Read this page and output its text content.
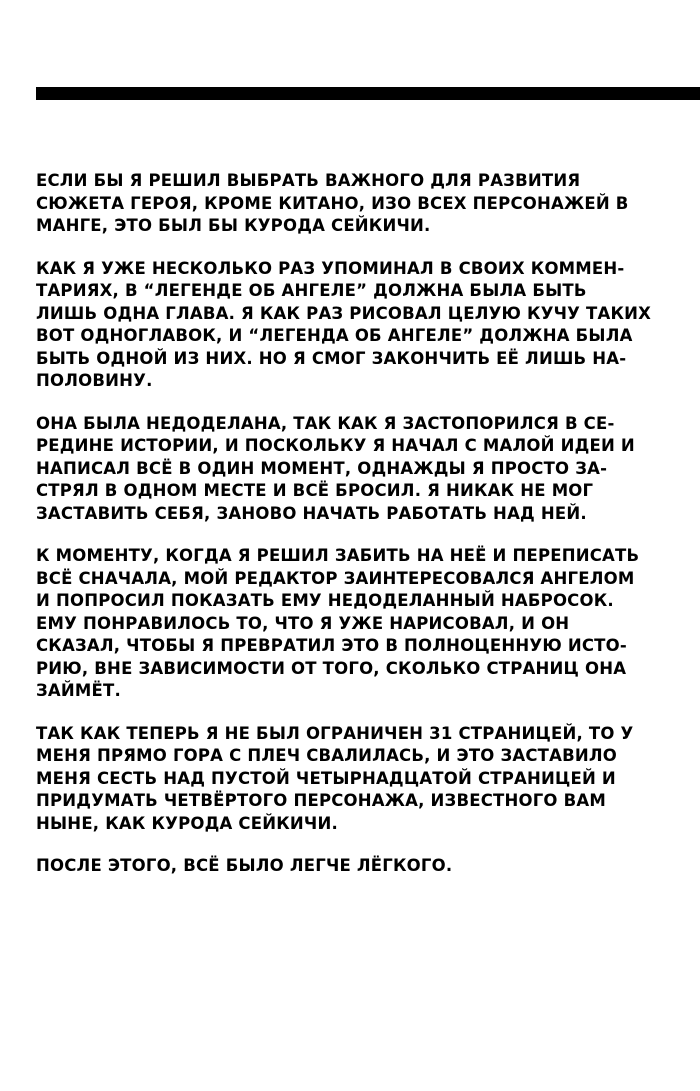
ЕСЛИ БЫ Я РЕШИЛ ВЫБРАТЬ ВАЖНОГО ДЛЯ РАЗВИТИЯ
СЮЖЕТА ГЕРОЯ, КРОМЕ КИТАНО, ИЗО ВСЕХ ПЕРСОНАЖЕЙ В
МАНГЕ, ЭТО БЫЛ БЫ КУРОДА СЕЙКИЧИ.

КАК Я УЖЕ НЕСКОЛЬКО РАЗ УПОМИНАЛ В СВОИХ КОММЕН-
ТАРИЯХ, В “ЛЕГЕНДЕ ОБ АНГЕЛЕ” ДОЛЖНА БЫЛА БЫТЬ
ЛИШЬ ОДНА ГЛАВА. Я КАК РАЗ РИСОВАЛ ЦЕЛУЮ КУЧУ ТАКИХ
ВОТ ОДНОГЛАВОК, И “ЛЕГЕНДА ОБ АНГЕЛЕ” ДОЛЖНА БЫЛА
БЫТЬ ОДНОЙ ИЗ НИХ. НО Я СМОГ ЗАКОНЧИТЬ ЕЁ ЛИШЬ НА-
ПОЛОВИНУ.

ОНА БЫЛА НЕДОДЕЛАНА, ТАК КАК Я ЗАСТОПОРИЛСЯ В СЕ-
РЕДИНЕ ИСТОРИИ, И ПОСКОЛЬКУ Я НАЧАЛ С МАЛОЙ ИДЕИ И
НАПИСАЛ ВСЁ В ОДИН МОМЕНТ, ОДНАЖДЫ Я ПРОСТО ЗА-
СТРЯЛ В ОДНОМ МЕСТЕ И ВСЁ БРОСИЛ. Я НИКАК НЕ МОГ
ЗАСТАВИТЬ СЕБЯ, ЗАНОВО НАЧАТЬ РАБОТАТЬ НАД НЕЙ.

К МОМЕНТУ, КОГДА Я РЕШИЛ ЗАБИТЬ НА НЕЁ И ПЕРЕПИСАТЬ
ВСЁ СНАЧАЛА, МОЙ РЕДАКТОР ЗАИНТЕРЕСОВАЛСЯ АНГЕЛОМ
И ПОПРОСИЛ ПОКАЗАТЬ ЕМУ НЕДОДЕЛАННЫЙ НАБРОСОК.
ЕМУ ПОНРАВИЛОСЬ ТО, ЧТО Я УЖЕ НАРИСОВАЛ, И ОН
СКАЗАЛ, ЧТОБЫ Я ПРЕВРАТИЛ ЭТО В ПОЛНОЦЕННУЮ ИСТО-
РИЮ, ВНЕ ЗАВИСИМОСТИ ОТ ТОГО, СКОЛЬКО СТРАНИЦ ОНА
ЗАЙМЁТ.

ТАК КАК ТЕПЕРЬ Я НЕ БЫЛ ОГРАНИЧЕН 31 СТРАНИЦЕЙ, ТО У
МЕНЯ ПРЯМО ГОРА С ПЛЕЧ СВАЛИЛАСЬ, И ЭТО ЗАСТАВИЛО
МЕНЯ СЕСТЬ НАД ПУСТОЙ ЧЕТЫРНАДЦАТОЙ СТРАНИЦЕЙ И
ПРИДУМАТЬ ЧЕТВЁРТОГО ПЕРСОНАЖА, ИЗВЕСТНОГО ВАМ
НЫНЕ, КАК КУРОДА СЕЙКИЧИ.

ПОСЛЕ ЭТОГО, ВСЁ БЫЛО ЛЕГЧЕ ЛЁГКОГО.
